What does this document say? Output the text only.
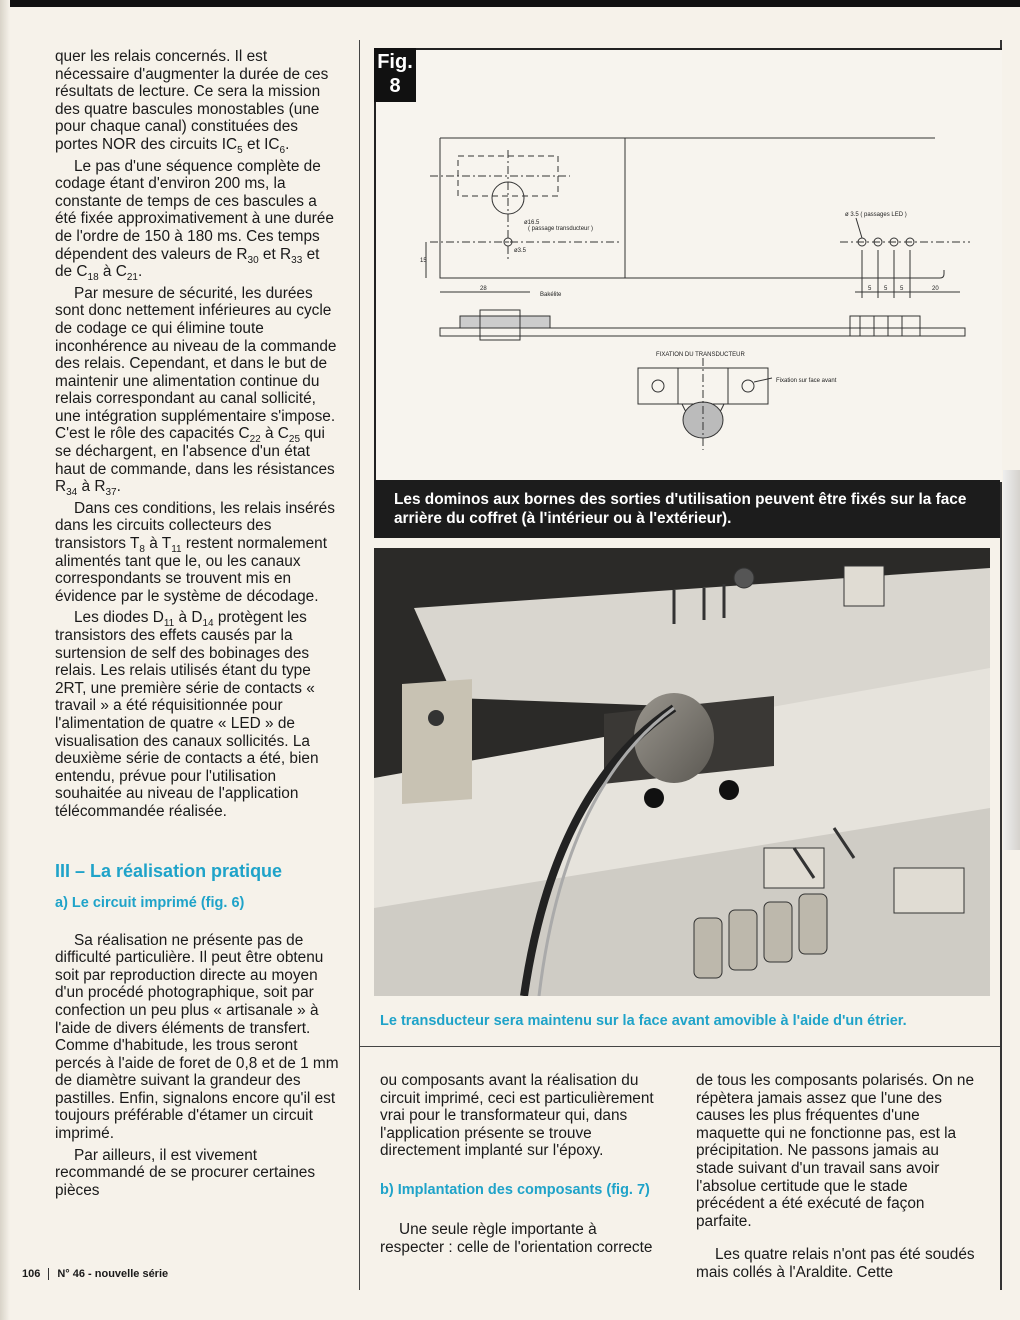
quer les relais concernés. Il est nécessaire d'augmenter la durée de ces résultats de lecture. Ce sera la mission des quatre bascules monostables (une pour chaque canal) constituées des portes NOR des circuits $IC_5$ et $IC_6$.

Le pas d'une séquence complète de codage étant d'environ 200 ms, la constante de temps de ces bascules a été fixée approximativement à une durée de l'ordre de 150 à 180 ms. Ces temps dépendent des valeurs de $R_{30}$ et $R_{33}$ et de $C_{18}$ à $C_{21}$.

Par mesure de sécurité, les durées sont donc nettement inférieures au cycle de codage ce qui élimine toute inconhérence au niveau de la commande des relais. Cependant, et dans le but de maintenir une alimentation continue du relais correspondant au canal sollicité, une intégration supplémentaire s'impose. C'est le rôle des capacités $C_{22}$ à $C_{25}$ qui se déchargent, en l'absence d'un état haut de commande, dans les résistances $R_{34}$ à $R_{37}$.

Dans ces conditions, les relais insérés dans les circuits collecteurs des transistors $T_8$ à $T_{11}$ restent normalement alimentés tant que le, ou les canaux correspondants se trouvent mis en évidence par le système de décodage.

Les diodes $D_{11}$ à $D_{14}$ protègent les transistors des effets causés par la surtension de self des bobinages des relais. Les relais utilisés étant du type 2RT, une première série de contacts « travail » a été réquisitionnée pour l'alimentation de quatre « LED » de visualisation des canaux sollicités. La deuxième série de contacts a été, bien entendu, prévue pour l'utilisation souhaitée au niveau de l'application télécommandée réalisée.

III – La réalisation pratique
a) Le circuit imprimé (fig. 6)

Sa réalisation ne présente pas de difficulté particulière. Il peut être obtenu soit par reproduction directe au moyen d'un procédé photographique, soit par confection un peu plus « artisanale » à l'aide de divers éléments de transfert. Comme d'habitude, les trous seront percés à l'aide de foret de 0,8 et de 1 mm de diamètre suivant la grandeur des pastilles. Enfin, signalons encore qu'il est toujours préférable d'étamer un circuit imprimé.

Par ailleurs, il est vivement recommandé de se procurer certaines pièces

Fig.
8
ø16.5
( passage transducteur )
ø3.5
ø 3.5 ( passages LED )
Bakélite
FIXATION DU TRANSDUCTEUR
Fixation sur face avant
28
15
5 5 5	20
Les dominos aux bornes des sorties d'utilisation peuvent être fixés sur la face arrière du coffret (à l'intérieur ou à l'extérieur).
Le transducteur sera maintenu sur la face avant amovible à l'aide d'un étrier.

ou composants avant la réalisation du circuit imprimé, ceci est particulièrement vrai pour le transformateur qui, dans l'application présente se trouve directement implanté sur l'époxy.

b) Implantation des composants (fig. 7)

Une seule règle importante à respecter : celle de l'orientation correcte

de tous les composants polarisés. On ne répètera jamais assez que l'une des causes les plus fréquentes d'une maquette qui ne fonctionne pas, est la précipitation. Ne passons jamais au stade suivant d'un travail sans avoir l'absolue certitude que le stade précédent a été exécuté de façon parfaite.

Les quatre relais n'ont pas été soudés mais collés à l'Araldite. Cette

106 N° 46 - nouvelle série
